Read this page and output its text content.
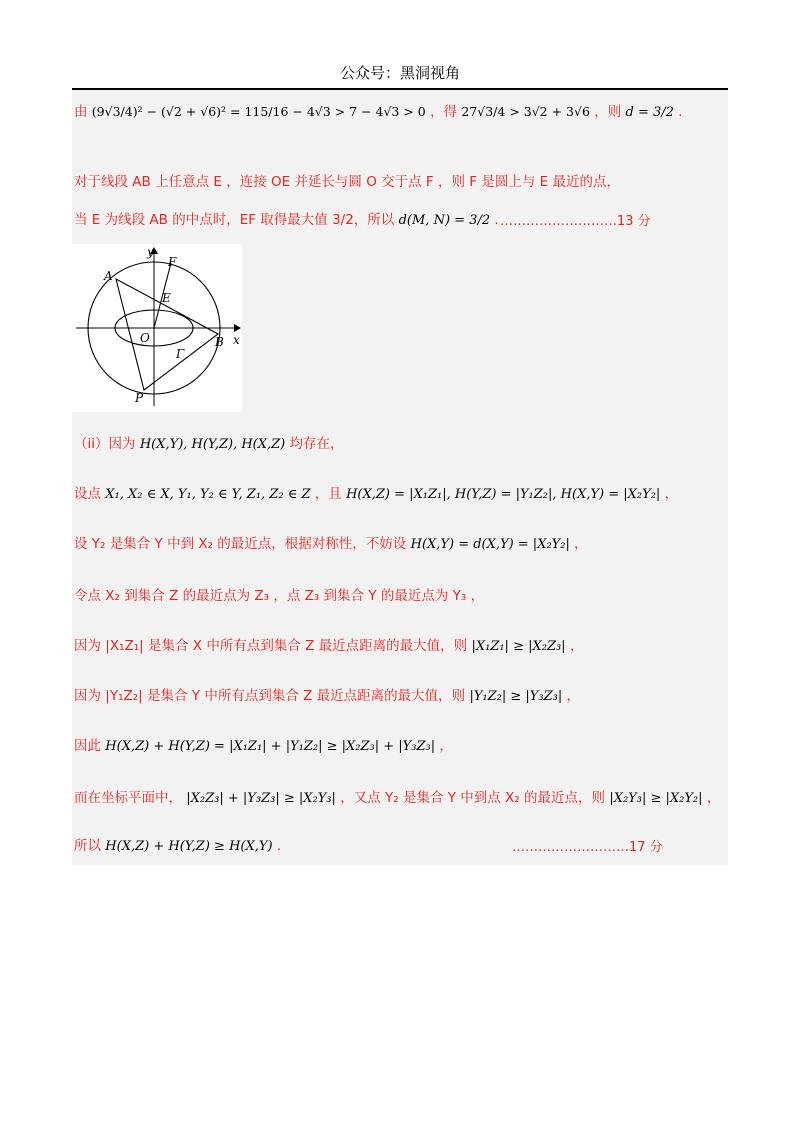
公众号：黑洞视角
由 (9√3/4)² − (√2 + √6)² = 115/16 − 4√3 > 7 − 4√3 > 0 ，得 27√3/4 > 3√2 + 3√6 ，则 d = 3/2 .
对于线段 AB 上任意点 E ，连接 OE 并延长与圆 O 交于点 F ，则 F 是圆上与 E 最近的点，
当 E 为线段 AB 的中点时，EF 取得最大值 3/2，所以 d(M, N) = 3/2 . ………………………13 分
y
x
F
A
E
O	B
Γ
P
（ii）因为 H(X,Y), H(Y,Z), H(X,Z) 均存在，
设点 X₁, X₂ ∈ X, Y₁, Y₂ ∈ Y, Z₁, Z₂ ∈ Z ，且 H(X,Z) = |X₁Z₁|, H(Y,Z) = |Y₁Z₂|, H(X,Y) = |X₂Y₂| ，
设 Y₂ 是集合 Y 中到 X₂ 的最近点，根据对称性，不妨设 H(X,Y) = d(X,Y) = |X₂Y₂| ，
令点 X₂ 到集合 Z 的最近点为 Z₃ ，点 Z₃ 到集合 Y 的最近点为 Y₃ ，
因为 |X₁Z₁| 是集合 X 中所有点到集合 Z 最近点距离的最大值，则 |X₁Z₁| ≥ |X₂Z₃| ，
因为 |Y₁Z₂| 是集合 Y 中所有点到集合 Z 最近点距离的最大值，则 |Y₁Z₂| ≥ |Y₃Z₃| ，
因此 H(X,Z) + H(Y,Z) = |X₁Z₁| + |Y₁Z₂| ≥ |X₂Z₃| + |Y₃Z₃| ，
而在坐标平面中， |X₂Z₃| + |Y₃Z₃| ≥ |X₂Y₃| ，又点 Y₂ 是集合 Y 中到点 X₂ 的最近点，则 |X₂Y₃| ≥ |X₂Y₂| ，
所以 H(X,Z) + H(Y,Z) ≥ H(X,Y) .	………………………17 分
